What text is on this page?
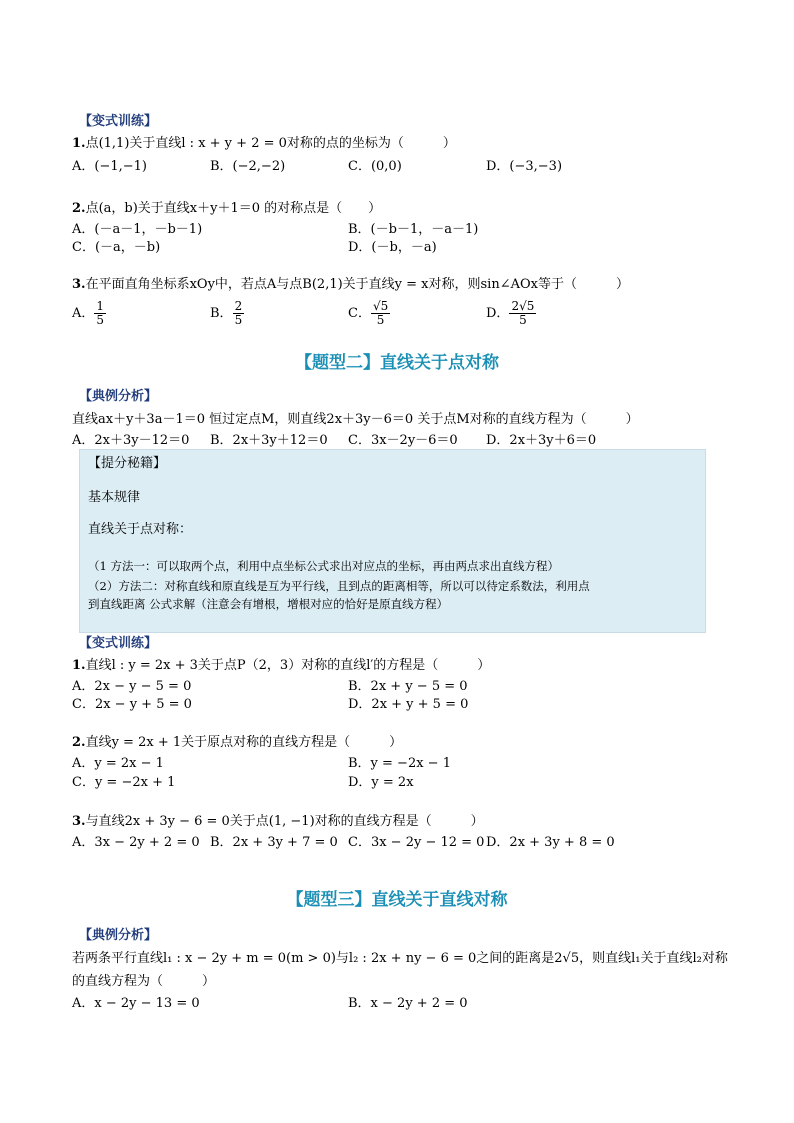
【变式训练】
1.点(1,1)关于直线l : x + y + 2 = 0对称的点的坐标为（　　　）
A．(−1,−1)	B．(−2,−2)	C．(0,0)	D．(−3,−3)
2.点(a，b)关于直线x＋y＋1＝0 的对称点是（　　）
A．(－a－1，－b－1)	B．(－b－1，－a－1)
C．(－a，－b)	D．(－b，－a)
3.在平面直角坐标系xOy中，若点A与点B(2,1)关于直线y = x对称，则sin∠AOx等于（　　　）
A． $\frac{1}{5}$	B． $\frac{2}{5}$	C． $\frac{√5}{5}$	D． $\frac{2√5}{5}$
【题型二】直线关于点对称
【典例分析】
直线ax＋y＋3a－1＝0 恒过定点M，则直线2x＋3y－6＝0 关于点M对称的直线方程为（　　　）
A．2x＋3y－12＝0 B．2x＋3y＋12＝0 C．3x－2y－6＝0 D．2x＋3y＋6＝0
【提分秘籍】
基本规律
直线关于点对称：
（1 方法一：可以取两个点，利用中点坐标公式求出对应点的坐标，再由两点求出直线方程）
（2）方法二：对称直线和原直线是互为平行线，且到点的距离相等，所以可以待定系数法，利用点
到直线距离 公式求解（注意会有增根，增根对应的恰好是原直线方程）
【变式训练】
1.直线l : y = 2x + 3关于点P（2，3）对称的直线l′的方程是（　　　）
A．2x − y − 5 = 0	B．2x + y − 5 = 0
C．2x − y + 5 = 0	D．2x + y + 5 = 0
2.直线y = 2x + 1关于原点对称的直线方程是（　　　）
A．y = 2x − 1	B．y = −2x − 1
C．y = −2x + 1	D．y = 2x
3.与直线2x + 3y − 6 = 0关于点(1, −1)对称的直线方程是（　　　）
A．3x − 2y + 2 = 0 B．2x + 3y + 7 = 0 C．3x − 2y − 12 = 0 D．2x + 3y + 8 = 0
【题型三】直线关于直线对称
【典例分析】
若两条平行直线l₁ : x − 2y + m = 0(m > 0)与l₂ : 2x + ny − 6 = 0之间的距离是2√5，则直线l₁关于直线l₂对称
的直线方程为（　　　）
A．x − 2y − 13 = 0	B．x − 2y + 2 = 0
